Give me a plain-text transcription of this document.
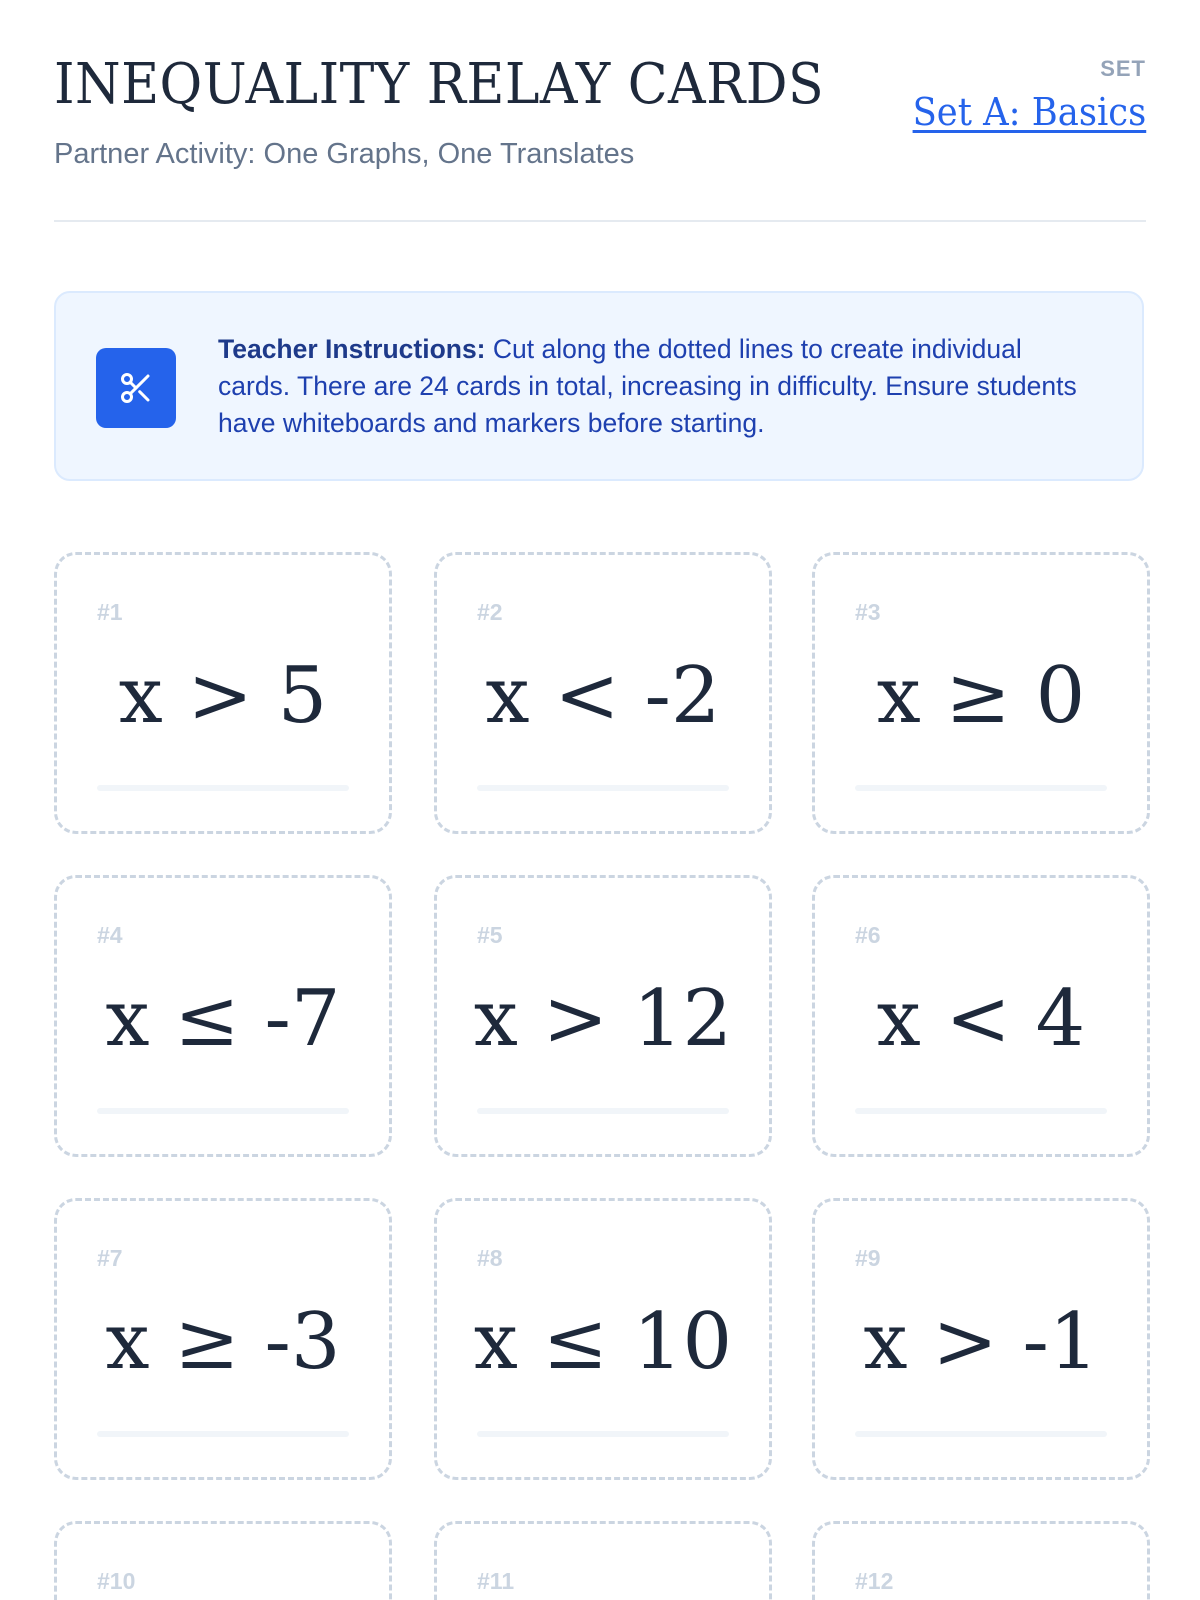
INEQUALITY RELAY CARDS
Partner Activity: One Graphs, One Translates
SET
Set A: Basics
Teacher Instructions: Cut along the dotted lines to create individual cards. There are 24 cards in total, increasing in difficulty. Ensure students have whiteboards and markers before starting.
#1
x > 5
#2
x < -2
#3
x ≥ 0
#4
x ≤ -7
#5
x > 12
#6
x < 4
#7
x ≥ -3
#8
x ≤ 10
#9
x > -1
#10	#11	#12
